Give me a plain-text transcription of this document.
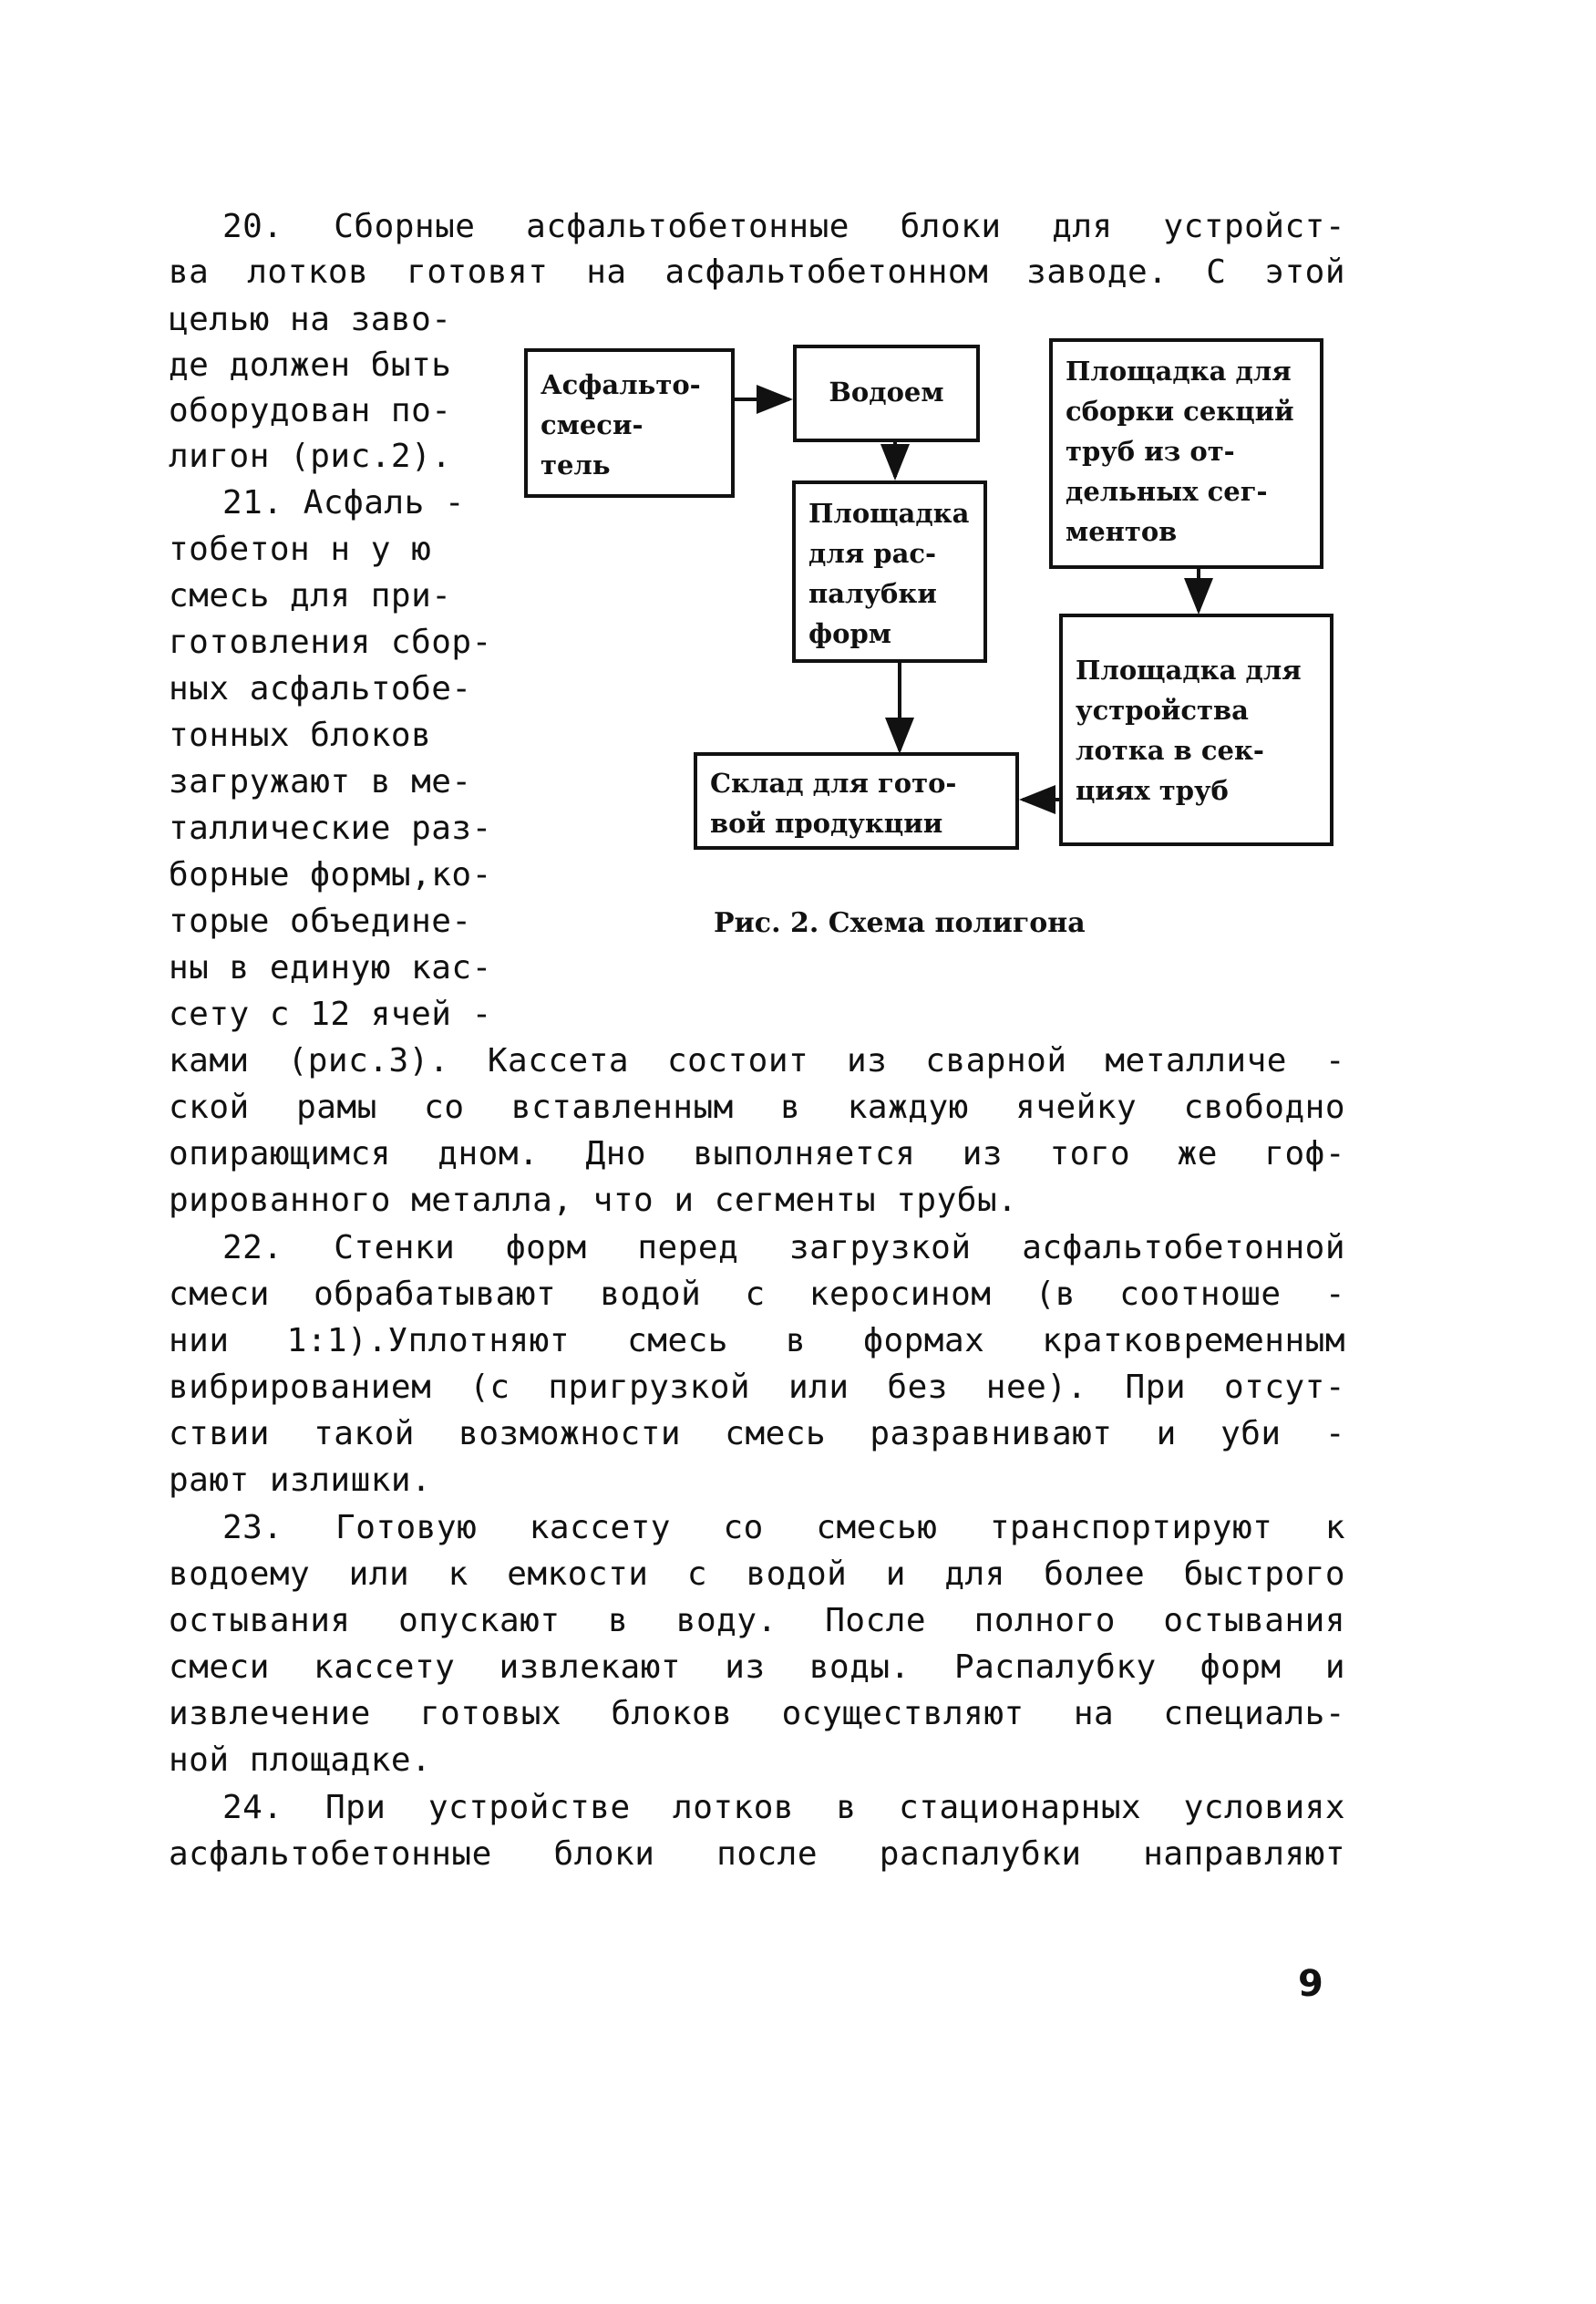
20. Сборные асфальтобетонные блоки для устройст-
ва лотков готовят на асфальтобетонном заводе. С этой
целью на заво-
де должен быть
оборудован по-
лигон (рис.2).
21. Асфаль -
тобетон н у ю
смесь для при-
готовления сбор-
ных асфальтобе-
тонных блоков
загружают в ме-
таллические раз-
борные формы,ко-
торые объедине-
ны в единую кас-
сету с 12 ячей -
ками (рис.3). Кассета состоит из сварной металличе -
ской рамы со вставленным в каждую ячейку свободно
опирающимся дном. Дно выполняется из того же гоф-
рированного металла, что и сегменты трубы.
22. Стенки форм перед загрузкой асфальтобетонной
смеси обрабатывают водой с керосином (в соотноше -
нии 1:1).Уплотняют смесь в формах кратковременным
вибрированием (с пригрузкой или без нее). При отсут-
ствии такой возможности смесь разравнивают и уби -
рают излишки.
23. Готовую кассету со смесью транспортируют к
водоему или к емкости с водой и для более быстрого
остывания опускают в воду. После полного остывания
смеси кассету извлекают из воды. Распалубку форм и
извлечение готовых блоков осуществляют на специаль-
ной площадке.
24. При устройстве лотков в стационарных условиях
асфальтобетонные блоки после распалубки направляют
Асфальто-
смеси-
тель
Водоем
Площадка
для рас-
палубки
форм
Склад для гото-
вой продукции
Площадка для
сборки секций
труб из от-
дельных сег-
ментов
Площадка для
устройства
лотка в сек-
циях труб
Рис. 2. Схема полигона
9
